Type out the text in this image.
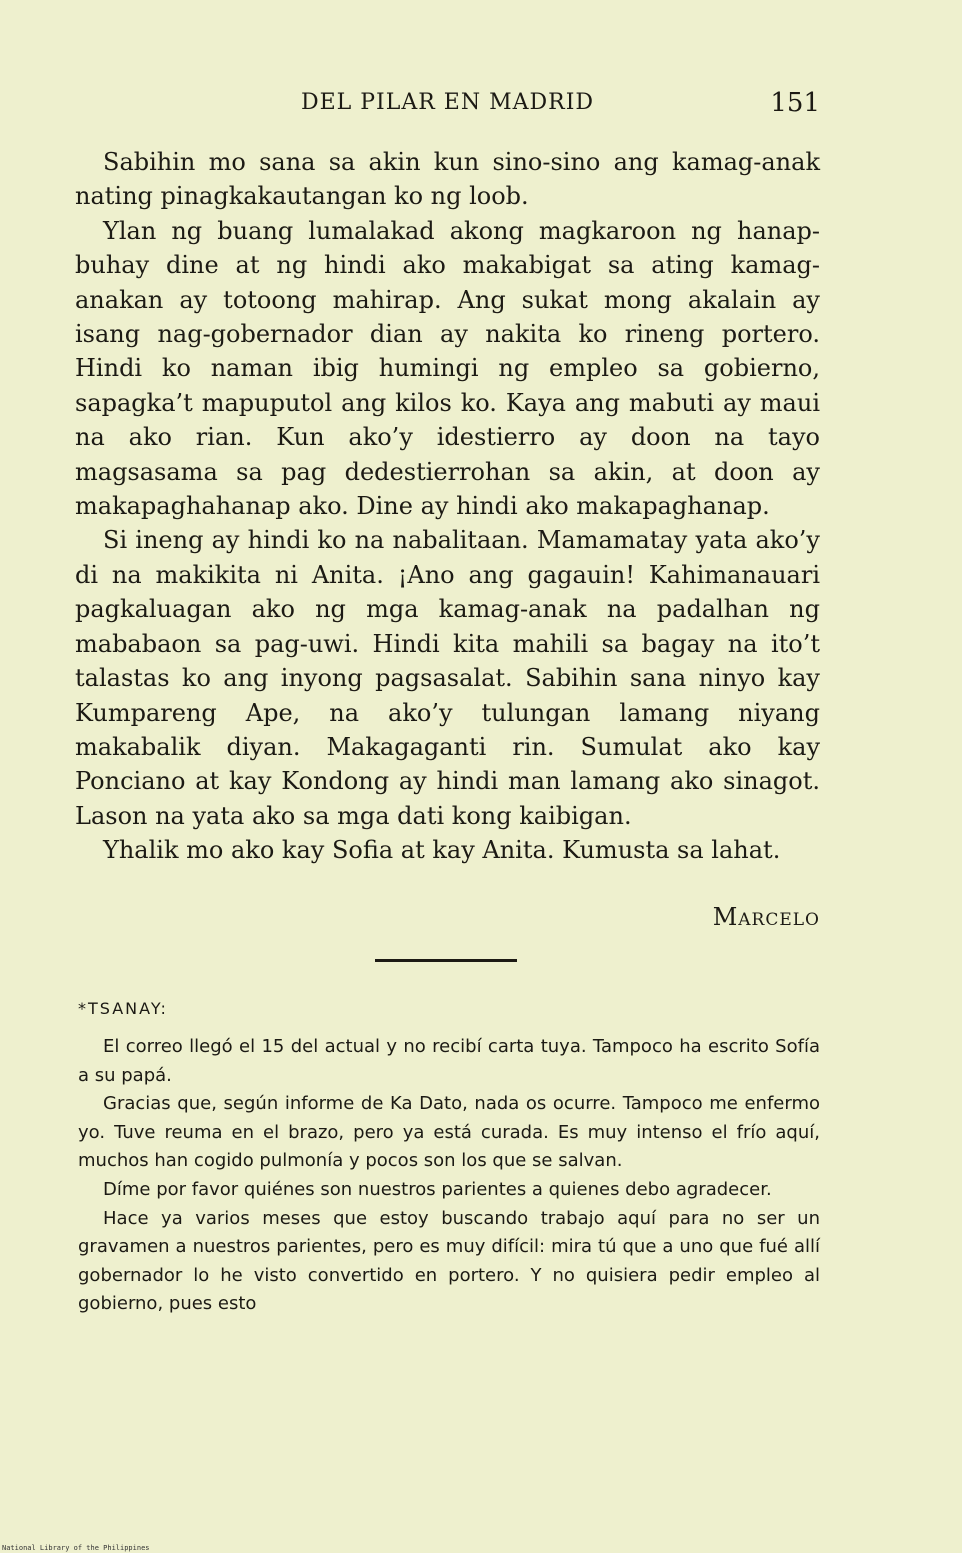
DEL PILAR EN MADRID	151

Sabihin mo sana sa akin kun sino-sino ang kamag-anak nating pinagkakautangan ko ng loob.

Ylan ng buang lumalakad akong magkaroon ng hanap-buhay dine at ng hindi ako makabigat sa ating kamag-anakan ay totoong mahirap. Ang sukat mong akalain ay isang nag-gobernador dian ay nakita ko rineng portero. Hindi ko naman ibig humingi ng empleo sa gobierno, sapagka’t mapuputol ang kilos ko. Kaya ang mabuti ay maui na ako rian. Kun ako’y idestierro ay doon na tayo magsasama sa pag dedestierrohan sa akin, at doon ay makapaghahanap ako. Dine ay hindi ako makapaghanap.

Si ineng ay hindi ko na nabalitaan. Mamamatay yata ako’y di na makikita ni Anita. ¡Ano ang gagauin! Kahimanauari pagkaluagan ako ng mga kamag-anak na padalhan ng mababaon sa pag-uwi. Hindi kita mahili sa bagay na ito’t talastas ko ang inyong pagsasalat. Sabihin sana ninyo kay Kumpareng Ape, na ako’y tulungan lamang niyang makabalik diyan. Makagaganti rin. Sumulat ako kay Ponciano at kay Kondong ay hindi man lamang ako sinagot. Lason na yata ako sa mga dati kong kaibigan.

Yhalik mo ako kay Sofia at kay Anita. Kumusta sa lahat.

Marcelo
*TSANAY:

El correo llegó el 15 del actual y no recibí carta tuya. Tampoco ha escrito Sofía a su papá.

Gracias que, según informe de Ka Dato, nada os ocurre. Tampoco me enfermo yo. Tuve reuma en el brazo, pero ya está curada. Es muy intenso el frío aquí, muchos han cogido pulmonía y pocos son los que se salvan.

Díme por favor quiénes son nuestros parientes a quienes debo agradecer.

Hace ya varios meses que estoy buscando trabajo aquí para no ser un gravamen a nuestros parientes, pero es muy difícil: mira tú que a uno que fué allí gobernador lo he visto convertido en portero. Y no quisiera pedir empleo al gobierno, pues esto

National Library of the Philippines
